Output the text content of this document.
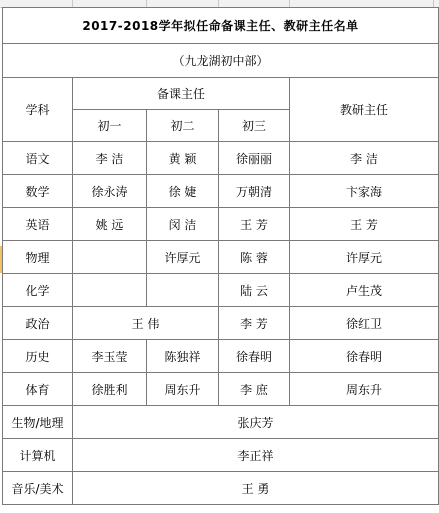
2017-2018学年拟任命备课主任、教研主任名单				
（九龙湖初中部）				
学科	备课主任			教研主任
	初一	初二	初三	
语文	李 洁	黄 颖	徐丽丽	李 洁
数学	徐永涛	徐 婕	万朝清	卞家海
英语	姚 远	闵 洁	王 芳	王 芳
物理		许厚元	陈 蓉	许厚元
化学			陆 云	卢生茂
政治	王 伟		李 芳	徐红卫
历史	李玉莹	陈独祥	徐春明	徐春明
体育	徐胜利	周东升	李 庶	周东升
生物/地理	张庆芳			
计算机	李正祥			
音乐/美术	王 勇			
